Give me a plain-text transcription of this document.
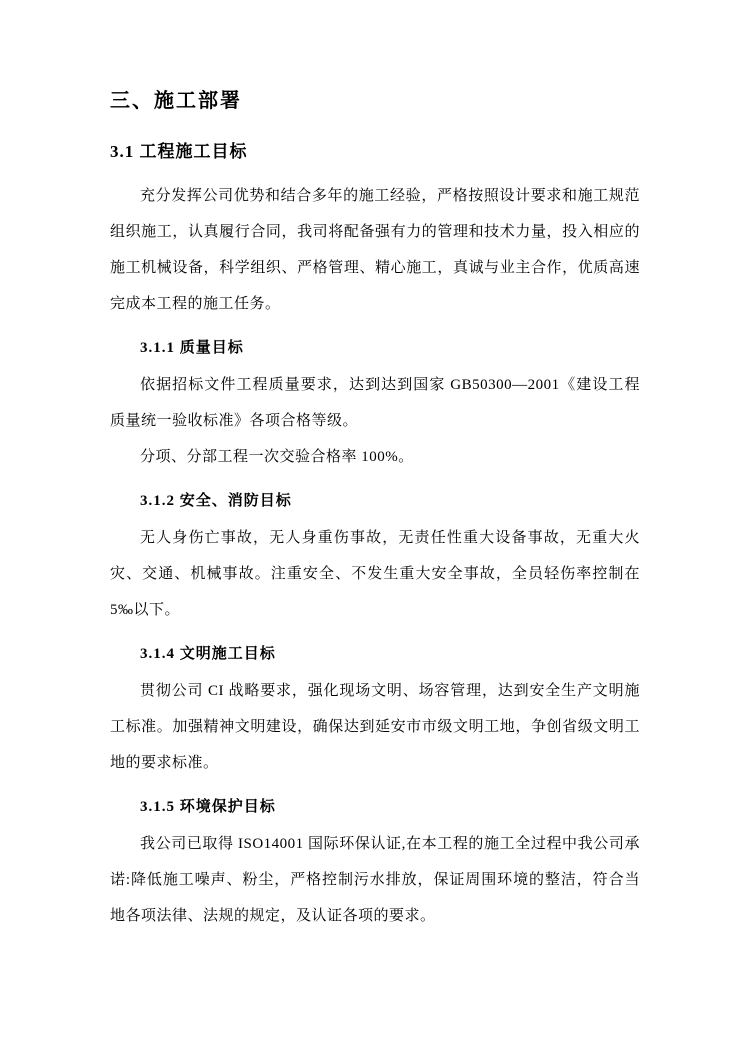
三、施工部署
3.1 工程施工目标

充分发挥公司优势和结合多年的施工经验，严格按照设计要求和施工规范组织施工，认真履行合同，我司将配备强有力的管理和技术力量，投入相应的施工机械设备，科学组织、严格管理、精心施工，真诚与业主合作，优质高速完成本工程的施工任务。

3.1.1 质量目标

依据招标文件工程质量要求，达到达到国家 GB50300—2001《建设工程质量统一验收标准》各项合格等级。

分项、分部工程一次交验合格率 100%。

3.1.2 安全、消防目标

无人身伤亡事故，无人身重伤事故，无责任性重大设备事故，无重大火灾、交通、机械事故。注重安全、不发生重大安全事故，全员轻伤率控制在 5‰以下。

3.1.4 文明施工目标

贯彻公司 CI 战略要求，强化现场文明、场容管理，达到安全生产文明施工标准。加强精神文明建设，确保达到延安市市级文明工地，争创省级文明工地的要求标准。

3.1.5 环境保护目标

我公司已取得 ISO14001 国际环保认证,在本工程的施工全过程中我公司承诺:降低施工噪声、粉尘，严格控制污水排放，保证周围环境的整洁，符合当地各项法律、法规的规定，及认证各项的要求。
